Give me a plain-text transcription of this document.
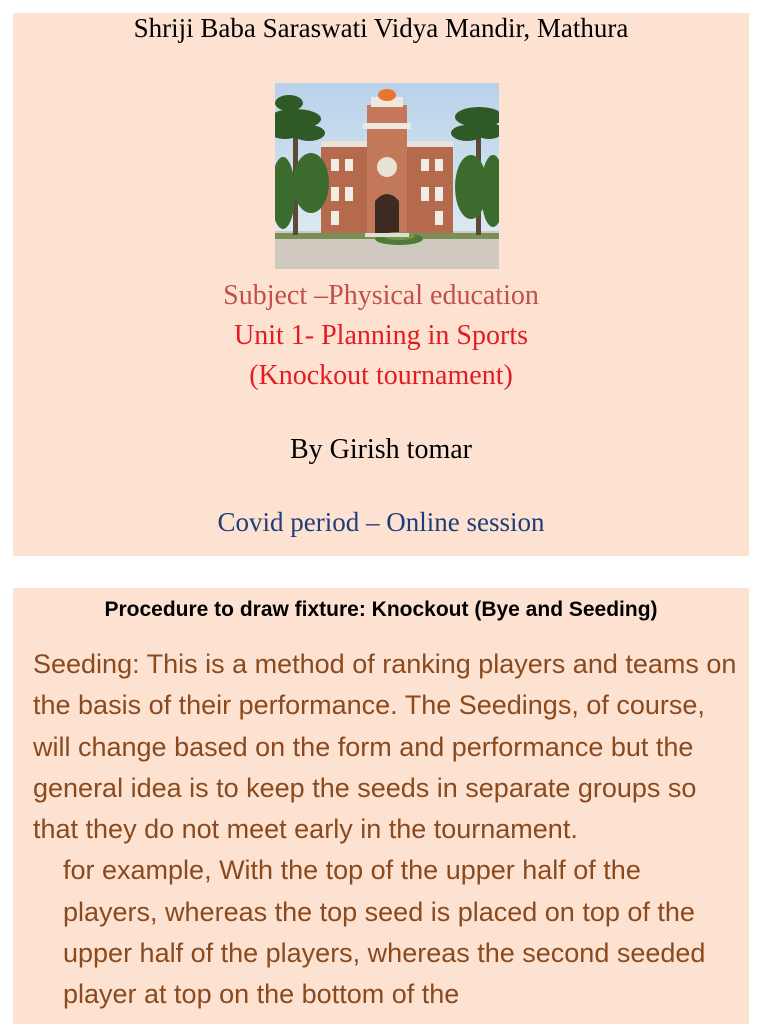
Shriji Baba Saraswati Vidya Mandir, Mathura
Subject –Physical education
Unit 1- Planning in Sports
(Knockout tournament)
By Girish tomar
Covid period – Online session
Procedure to draw fixture: Knockout (Bye and Seeding)

Seeding: This is a method of ranking players and teams on the basis of their performance. The Seedings, of course, will change based on the form and performance but the general idea is to keep the seeds in separate groups so that they do not meet early in the tournament.

for example, With the top of the upper half of the players, whereas the top seed is placed on top of the upper half of the players, whereas the second seeded player at top on the bottom of the
